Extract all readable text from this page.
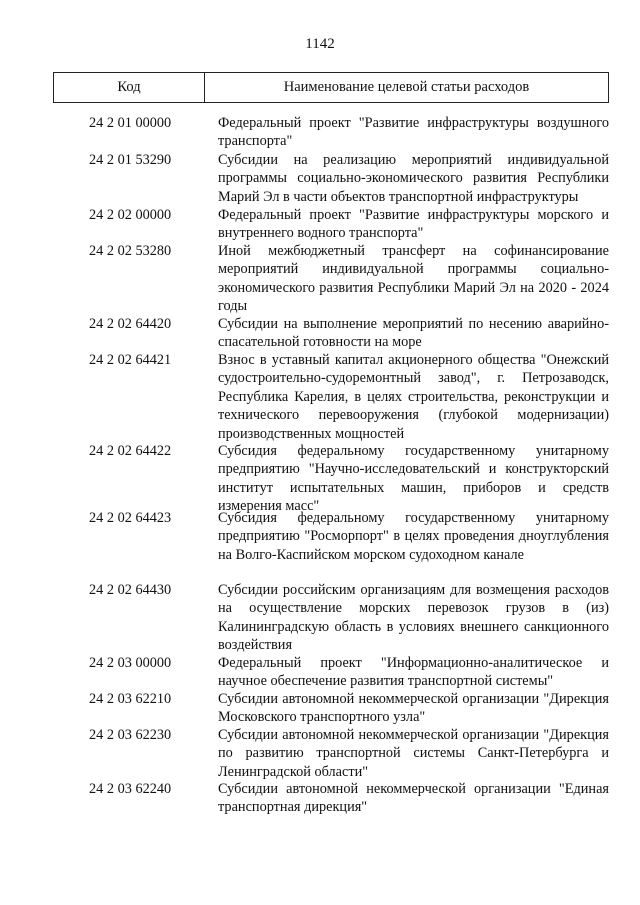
1142
Код	Наименование целевой статьи расходов
24 2 01 00000	Федеральный проект "Развитие инфраструктуры воздушного транспорта"
24 2 01 53290	Субсидии на реализацию мероприятий индивидуальной программы социально-экономического развития Республики Марий Эл в части объектов транспортной инфраструктуры
24 2 02 00000	Федеральный проект "Развитие инфраструктуры морского и внутреннего водного транспорта"
24 2 02 53280	Иной межбюджетный трансферт на софинансирование мероприятий индивидуальной программы социально-экономического развития Республики Марий Эл на 2020 - 2024 годы
24 2 02 64420	Субсидии на выполнение мероприятий по несению аварийно-спасательной готовности на море
24 2 02 64421	Взнос в уставный капитал акционерного общества "Онежский судостроительно-судоремонтный завод", г. Петрозаводск, Республика Карелия, в целях строительства, реконструкции и технического перевооружения (глубокой модернизации) производственных мощностей
24 2 02 64422	Субсидия федеральному государственному унитарному предприятию "Научно-исследовательский и конструкторский институт испытательных машин, приборов и средств измерения масс"
24 2 02 64423	Субсидия федеральному государственному унитарному предприятию "Росморпорт" в целях проведения дноуглубления на Волго-Каспийском морском судоходном канале
24 2 02 64430	Субсидии российским организациям для возмещения расходов на осуществление морских перевозок грузов в (из) Калининградскую область в условиях внешнего санкционного воздействия
24 2 03 00000	Федеральный проект "Информационно-аналитическое и научное обеспечение развития транспортной системы"
24 2 03 62210	Субсидии автономной некоммерческой организации "Дирекция Московского транспортного узла"
24 2 03 62230	Субсидии автономной некоммерческой организации "Дирекция по развитию транспортной системы Санкт-Петербурга и Ленинградской области"
24 2 03 62240	Субсидии автономной некоммерческой организации "Единая транспортная дирекция"
